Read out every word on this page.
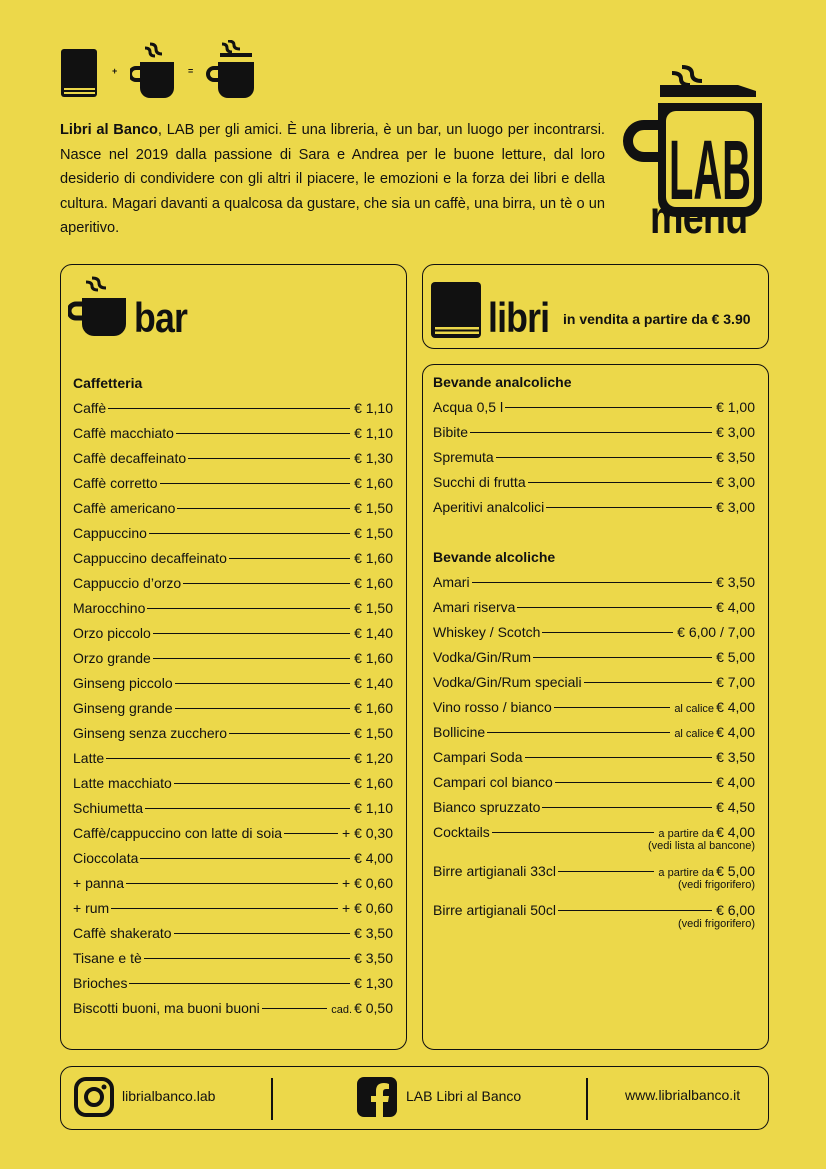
+	=

Libri al Banco, LAB per gli amici. È una libreria, è un bar, un luogo per incontrarsi. Nasce nel 2019 dalla passione di Sara e Andrea per le buone letture, dal loro desiderio di condividere con gli altri il piacere, le emozioni e la forza dei libri e della cultura. Magari davanti a qualcosa da gustare, che sia un caffè, una birra, un tè o un aperitivo.

LAB
menu
bar
Caffetteria
Caffè	€ 1,10
Caffè macchiato	€ 1,10
Caffè decaffeinato	€ 1,30
Caffè corretto	€ 1,60
Caffè americano	€ 1,50
Cappuccino	€ 1,50
Cappuccino decaffeinato	€ 1,60
Cappuccio d’orzo	€ 1,60
Marocchino	€ 1,50
Orzo piccolo	€ 1,40
Orzo grande	€ 1,60
Ginseng piccolo	€ 1,40
Ginseng grande	€ 1,60
Ginseng senza zucchero	€ 1,50
Latte	€ 1,20
Latte macchiato	€ 1,60
Schiumetta	€ 1,10
Caffè/cappuccino con latte di soia	+ € 0,30
Cioccolata	€ 4,00
+ panna	+ € 0,60
+ rum	+ € 0,60
Caffè shakerato	€ 3,50
Tisane e tè	€ 3,50
Brioches	€ 1,30
Biscotti buoni, ma buoni buoni	cad. € 0,50
libri in vendita a partire da € 3.90
Bevande analcoliche
Acqua 0,5 l	€ 1,00
Bibite	€ 3,00
Spremuta	€ 3,50
Succhi di frutta	€ 3,00
Aperitivi analcolici	€ 3,00
Bevande alcoliche
Amari	€ 3,50
Amari riserva	€ 4,00
Whiskey / Scotch	€ 6,00 / 7,00
Vodka/Gin/Rum	€ 5,00
Vodka/Gin/Rum speciali	€ 7,00
Vino rosso / bianco	al calice € 4,00
Bollicine	al calice € 4,00
Campari Soda	€ 3,50
Campari col bianco	€ 4,00
Bianco spruzzato	€ 4,50
Cocktails	a partire da € 4,00
(vedi lista al bancone)
Birre artigianali 33cl	a partire da € 5,00
(vedi frigorifero)
Birre artigianali 50cl	€ 6,00
(vedi frigorifero)
librialbanco.lab	LAB Libri al Banco	www.librialbanco.it
